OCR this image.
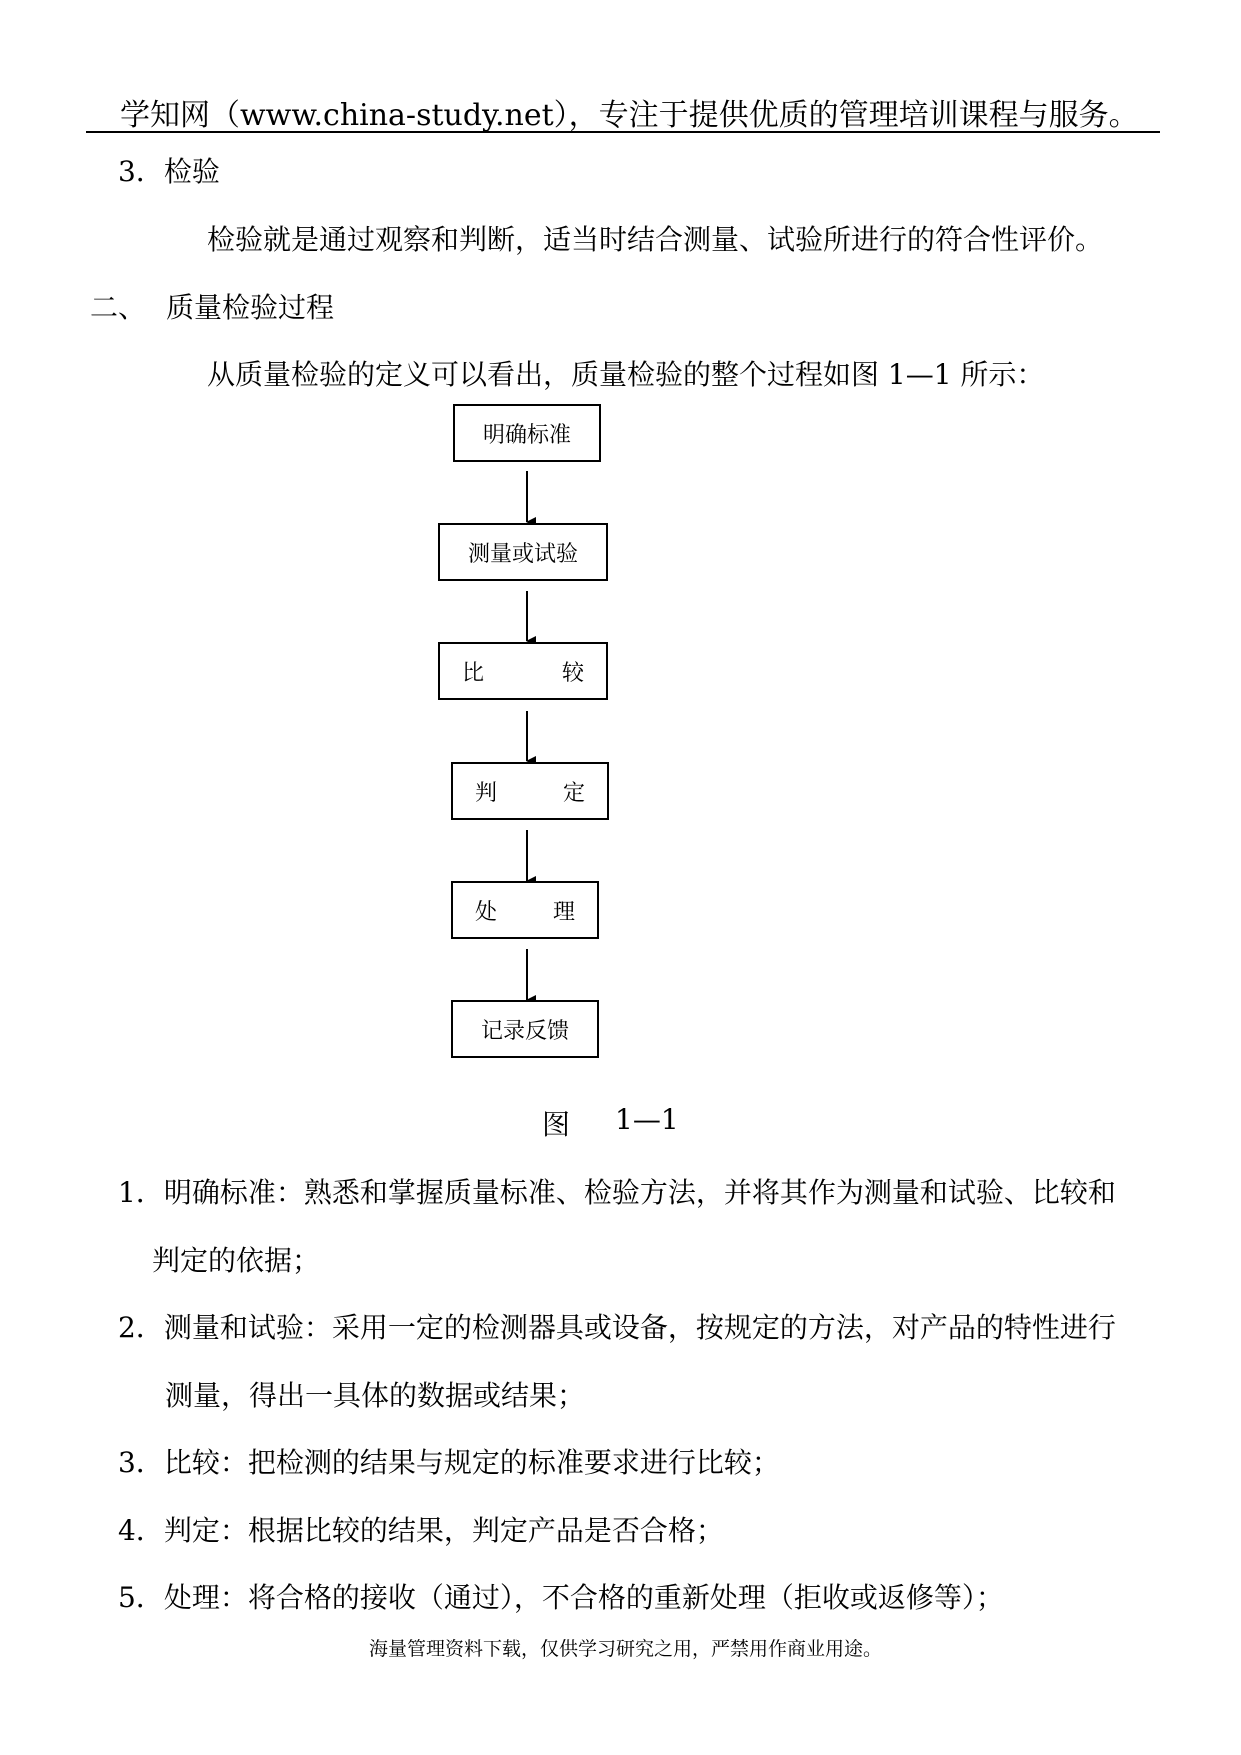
学知网（www.china-study.net），专注于提供优质的管理培训课程与服务。
3．检验
检验就是通过观察和判断，适当时结合测量、试验所进行的符合性评价。
二、 质量检验过程
从质量检验的定义可以看出，质量检验的整个过程如图 1—1 所示：
明确标准
测量或试验
比	较
判	定
处	理
记录反馈
图 1—1
1．明确标准：熟悉和掌握质量标准、检验方法，并将其作为测量和试验、比较和
判定的依据；
2．测量和试验：采用一定的检测器具或设备，按规定的方法，对产品的特性进行
测量，得出一具体的数据或结果；
3．比较：把检测的结果与规定的标准要求进行比较；
4．判定：根据比较的结果，判定产品是否合格；
5．处理：将合格的接收（通过），不合格的重新处理（拒收或返修等）；
海量管理资料下载，仅供学习研究之用，严禁用作商业用途。
